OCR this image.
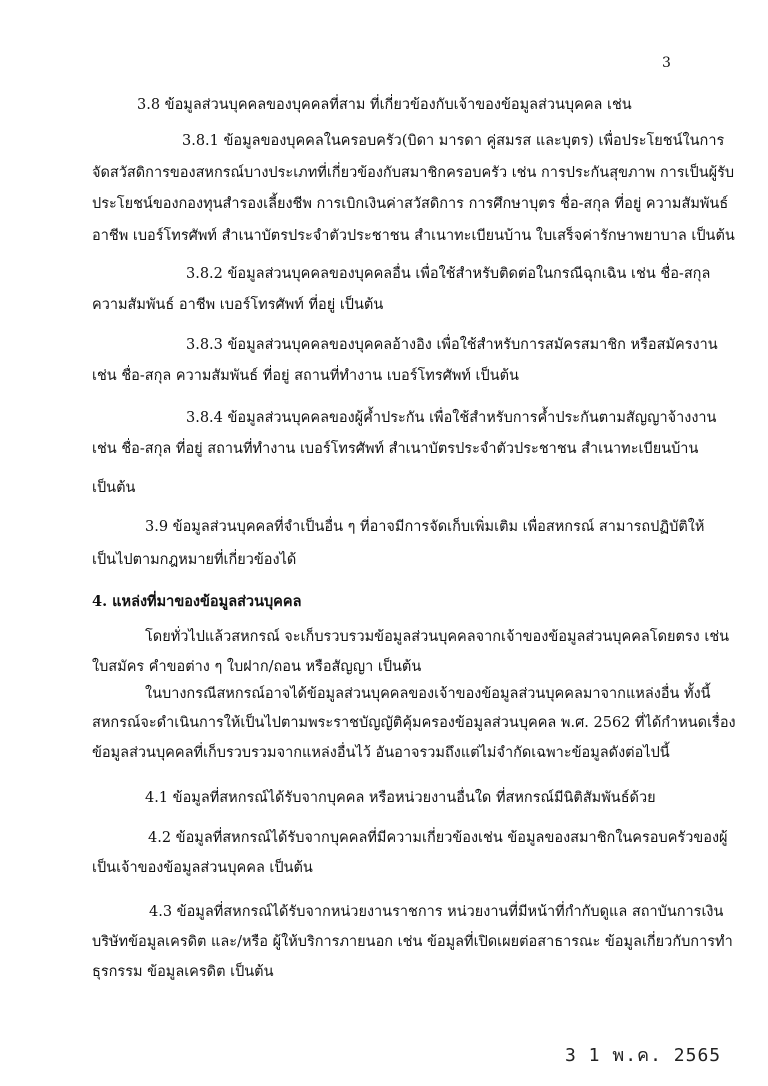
3

3.8 ข้อมูลส่วนบุคคลของบุคคลที่สาม ที่เกี่ยวข้องกับเจ้าของข้อมูลส่วนบุคคล เช่น

3.8.1 ข้อมูลของบุคคลในครอบครัว(บิดา มารดา คู่สมรส และบุตร) เพื่อประโยชน์ในการ

จัดสวัสดิการของสหกรณ์บางประเภทที่เกี่ยวข้องกับสมาชิกครอบครัว เช่น การประกันสุขภาพ การเป็นผู้รับ

ประโยชน์ของกองทุนสำรองเลี้ยงชีพ การเบิกเงินค่าสวัสดิการ การศึกษาบุตร ชื่อ-สกุล ที่อยู่ ความสัมพันธ์

อาชีพ เบอร์โทรศัพท์ สำเนาบัตรประจำตัวประชาชน สำเนาทะเบียนบ้าน ใบเสร็จค่ารักษาพยาบาล เป็นต้น

3.8.2 ข้อมูลส่วนบุคคลของบุคคลอื่น เพื่อใช้สำหรับติดต่อในกรณีฉุกเฉิน เช่น ชื่อ-สกุล

ความสัมพันธ์ อาชีพ เบอร์โทรศัพท์ ที่อยู่ เป็นต้น

3.8.3 ข้อมูลส่วนบุคคลของบุคคลอ้างอิง เพื่อใช้สำหรับการสมัครสมาชิก หรือสมัครงาน

เช่น ชื่อ-สกุล ความสัมพันธ์ ที่อยู่ สถานที่ทำงาน เบอร์โทรศัพท์ เป็นต้น

3.8.4 ข้อมูลส่วนบุคคลของผู้ค้ำประกัน เพื่อใช้สำหรับการค้ำประกันตามสัญญาจ้างงาน

เช่น ชื่อ-สกุล ที่อยู่ สถานที่ทำงาน เบอร์โทรศัพท์ สำเนาบัตรประจำตัวประชาชน สำเนาทะเบียนบ้าน

เป็นต้น

3.9 ข้อมูลส่วนบุคคลที่จำเป็นอื่น ๆ ที่อาจมีการจัดเก็บเพิ่มเติม เพื่อสหกรณ์ สามารถปฏิบัติให้

เป็นไปตามกฎหมายที่เกี่ยวข้องได้

4. แหล่งที่มาของข้อมูลส่วนบุคคล

โดยทั่วไปแล้วสหกรณ์ จะเก็บรวบรวมข้อมูลส่วนบุคคลจากเจ้าของข้อมูลส่วนบุคคลโดยตรง เช่น

ใบสมัคร คำขอต่าง ๆ ใบฝาก/ถอน หรือสัญญา เป็นต้น

ในบางกรณีสหกรณ์อาจได้ข้อมูลส่วนบุคคลของเจ้าของข้อมูลส่วนบุคคลมาจากแหล่งอื่น ทั้งนี้

สหกรณ์จะดำเนินการให้เป็นไปตามพระราชบัญญัติคุ้มครองข้อมูลส่วนบุคคล พ.ศ. 2562 ที่ได้กำหนดเรื่อง

ข้อมูลส่วนบุคคลที่เก็บรวบรวมจากแหล่งอื่นไว้ อันอาจรวมถึงแต่ไม่จำกัดเฉพาะข้อมูลดังต่อไปนี้

4.1 ข้อมูลที่สหกรณ์ได้รับจากบุคคล หรือหน่วยงานอื่นใด ที่สหกรณ์มีนิติสัมพันธ์ด้วย

4.2 ข้อมูลที่สหกรณ์ได้รับจากบุคคลที่มีความเกี่ยวข้องเช่น ข้อมูลของสมาชิกในครอบครัวของผู้

เป็นเจ้าของข้อมูลส่วนบุคคล เป็นต้น

4.3 ข้อมูลที่สหกรณ์ได้รับจากหน่วยงานราชการ หน่วยงานที่มีหน้าที่กำกับดูแล สถาบันการเงิน

บริษัทข้อมูลเครดิต และ/หรือ ผู้ให้บริการภายนอก เช่น ข้อมูลที่เปิดเผยต่อสาธารณะ ข้อมูลเกี่ยวกับการทำ

ธุรกรรม ข้อมูลเครดิต เป็นต้น

3 1 พ.ค. 2565
